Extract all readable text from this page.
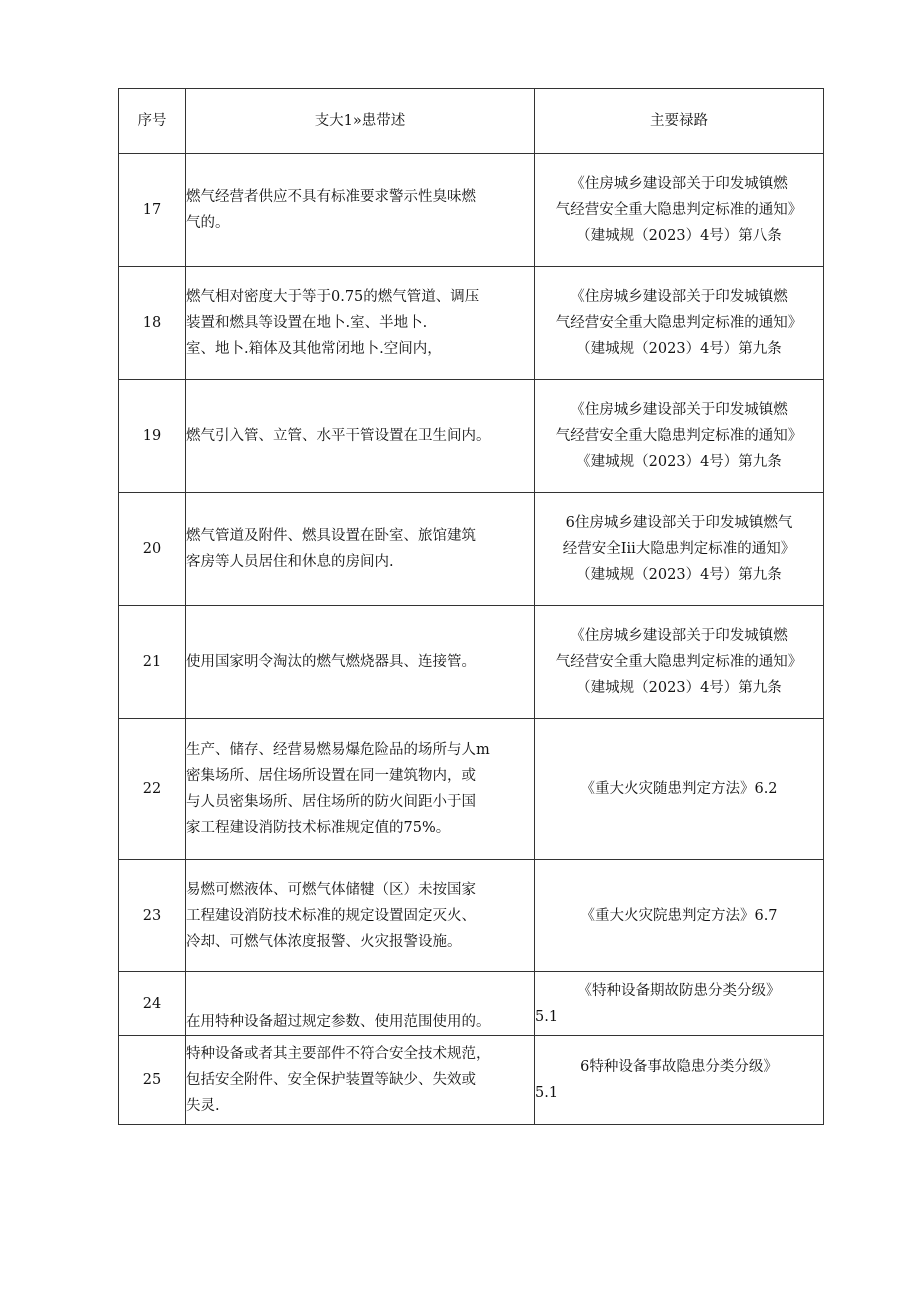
序号	支大1»患带述	主要禄路
17	燃气经营者供应不具有标准要求警示性臭味燃
气的。	《住房城乡建设部关于印发城镇燃
气经营安全重大隐患判定标准的通知》
（建城规（2023）4号）第八条

18	燃气相对密度大于等于0.75的燃气管道、调压
装置和燃具等设置在地卜.室、半地卜.
室、地卜.箱体及其他常闭地卜.空间内，	《住房城乡建设部关于印发城镇燃
气经营安全重大隐患判定标准的通知》
（建城规（2023）4号）第九条

19	燃气引入管、立管、水平干管设置在卫生间内。	《住房城乡建设部关于印发城镇燃
气经营安全重大隐患判定标准的通知》
《建城规（2023）4号）第九条

20	燃气管道及附件、燃具设置在卧室、旅馆建筑
客房等人员居住和休息的房间内.	6住房城乡建设部关于印发城镇燃气
经营安全Iii大隐患判定标准的通知》
（建城规（2023）4号）第九条

21	使用国家明令淘汰的燃气燃烧器具、连接管。	《住房城乡建设部关于印发城镇燃
气经营安全重大隐患判定标准的通知》
（建城规（2023）4号）第九条

22	生产、储存、经营易燃易爆危险品的场所与人m
密集场所、居住场所设置在同一建筑物内，或
与人员密集场所、居住场所的防火间距小于国
家工程建设消防技术标准规定值的75%。	《重大火灾随患判定方法》6.2

23	易燃可燃液体、可燃气体储犍（区）未按国家
工程建设消防技术标准的规定设置固定灭火、
冷却、可燃气体浓度报警、火灾报警设施。	《重大火灾院患判定方法》6.7

24	在用特种设备超过规定参数、使用范围使用的。	《特种设备期故防患分类分级》
5.1

25	特种设备或者其主要部件不符合安全技术规范，
包括安全附件、安全保护装置等缺少、失效或
失灵.	6特种设备事故隐患分类分级》
5.1
